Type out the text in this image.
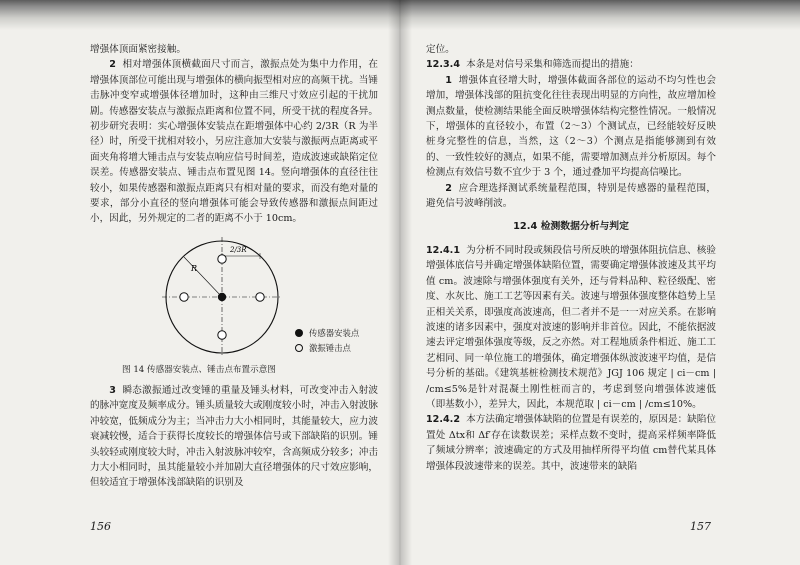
增强体顶面紧密接触。

2 相对增强体顶横截面尺寸而言，激振点处为集中力作用，在增强体顶部位可能出现与增强体的横向振型相对应的高频干扰。当锤击脉冲变窄或增强体径增加时，这种由三维尺寸效应引起的干扰加剧。传感器安装点与激振点距离和位置不同，所受干扰的程度各异。初步研究表明：实心增强体安装点在距增强体中心约 2/3R（R 为半径）时，所受干扰相对较小，另应注意加大安装与激振两点距离或平面夹角将增大锤击点与安装点响应信号时间差，造成波速或缺陷定位误差。传感器安装点、锤击点布置见图 14。竖向增强体的直径往往较小，如果传感器和激振点距离只有相对量的要求，而没有绝对量的要求，部分小直径的竖向增强体可能会导致传感器和激振点间距过小，因此，另外规定的二者的距离不小于 10cm。

R
2/3R
传感器安装点
激振锤击点
图 14 传感器安装点、锤击点布置示意图

3 瞬态激振通过改变锤的重量及锤头材料，可改变冲击入射波的脉冲宽度及频率成分。锤头质量较大或刚度较小时，冲击入射波脉冲较宽，低频成分为主；当冲击力大小相同时，其能量较大，应力波衰减较慢，适合于获得长度较长的增强体信号或下部缺陷的识别。锤头较轻或刚度较大时，冲击入射波脉冲较窄，含高频成分较多；冲击力大小相同时，虽其能量较小并加剧大直径增强体的尺寸效应影响，但较适宜于增强体浅部缺陷的识别及

156

定位。

12.3.4 本条是对信号采集和筛选而提出的措施：

1 增强体直径增大时，增强体截面各部位的运动不均匀性也会增加，增强体浅部的阻抗变化往往表现出明显的方向性，故应增加检测点数量，使检测结果能全面反映增强体结构完整性情况。一般情况下，增强体的直径较小，布置（2～3）个测试点，已经能较好反映桩身完整性的信息，当然，这（2～3）个测点是指能够测到有效的、一致性较好的测点，如果不能，需要增加测点并分析原因。每个检测点有效信号数不宜少于 3 个，通过叠加平均提高信噪比。

2 应合理选择测试系统量程范围，特别是传感器的量程范围，避免信号波峰削波。

12.4 检测数据分析与判定

12.4.1 为分析不同时段或频段信号所反映的增强体阻抗信息、核验增强体底信号并确定增强体缺陷位置，需要确定增强体波速及其平均值 cm。波速除与增强体强度有关外，还与骨料品种、粒径级配、密度、水灰比、施工工艺等因素有关。波速与增强体强度整体趋势上呈正相关关系，即强度高波速高，但二者并不是一一对应关系。在影响波速的诸多因素中，强度对波速的影响并非首位。因此，不能依据波速去评定增强体强度等级，反之亦然。对工程地质条件相近、施工工艺相同、同一单位施工的增强体，确定增强体纵波波速平均值，是信号分析的基础。《建筑基桩检测技术规范》JGJ 106 规定 | ci－cm | /cm≤5%是针对混凝土刚性桩而言的，考虑到竖向增强体波速低（即基数小），差异大，因此，本规范取 | ci－cm | /cm≤10%。

12.4.2 本方法确定增强体缺陷的位置是有误差的，原因是：缺陷位置处 Δtx和 Δf′存在读数误差；采样点数不变时，提高采样频率降低了频域分辨率；波速确定的方式及用抽样所得平均值 cm替代某具体增强体段波速带来的误差。其中，波速带来的缺陷

157
